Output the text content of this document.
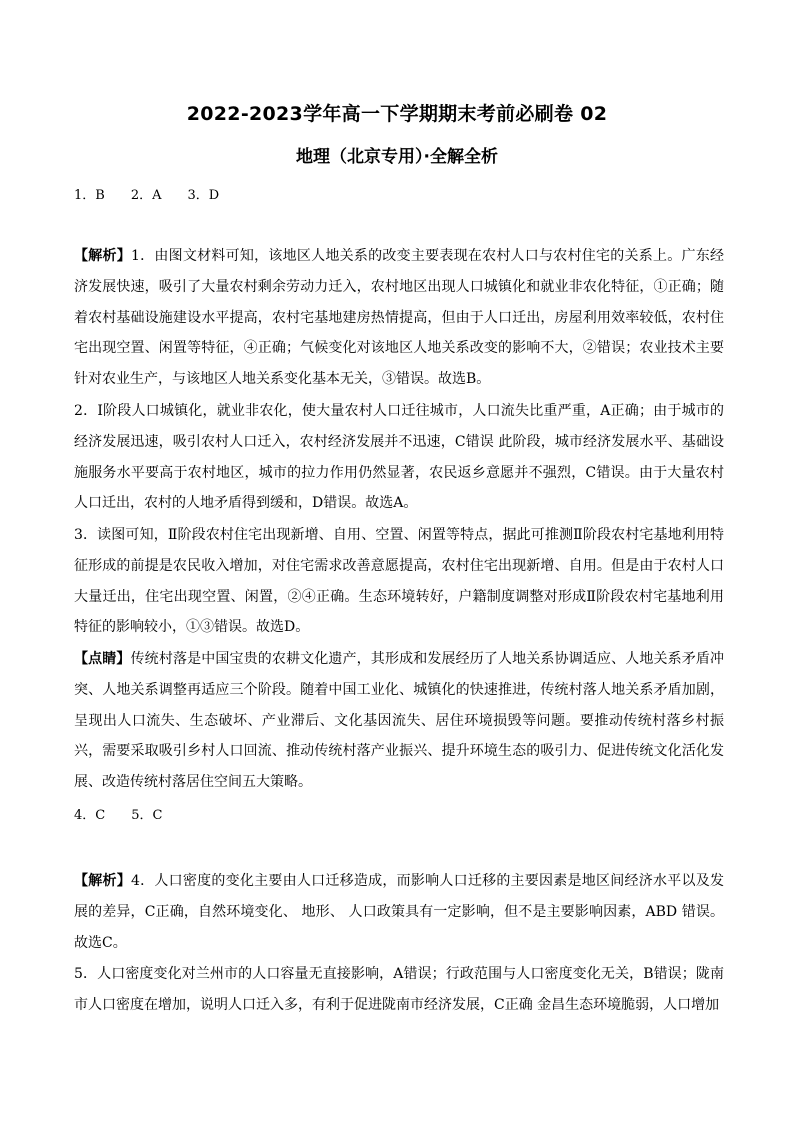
2022-2023学年高一下学期期末考前必刷卷 02
地理（北京专用）·全解全析
1．B 2．A 3．D
【解析】1．由图文材料可知，该地区人地关系的改变主要表现在农村人口与农村住宅的关系上。广东经济发展快速，吸引了大量农村剩余劳动力迁入，农村地区出现人口城镇化和就业非农化特征，①正确；随着农村基础设施建设水平提高，农村宅基地建房热情提高，但由于人口迁出，房屋利用效率较低，农村住宅出现空置、闲置等特征，④正确；气候变化对该地区人地关系改变的影响不大，②错误；农业技术主要针对农业生产，与该地区人地关系变化基本无关，③错误。故选B。
2．Ⅰ阶段人口城镇化，就业非农化，使大量农村人口迁往城市，人口流失比重严重，A正确；由于城市的经济发展迅速，吸引农村人口迁入，农村经济发展并不迅速，C错误 此阶段，城市经济发展水平、基础设施服务水平要高于农村地区，城市的拉力作用仍然显著，农民返乡意愿并不强烈，C错误。由于大量农村人口迁出，农村的人地矛盾得到缓和，D错误。故选A。
3．读图可知，Ⅱ阶段农村住宅出现新增、自用、空置、闲置等特点，据此可推测Ⅱ阶段农村宅基地利用特征形成的前提是农民收入增加，对住宅需求改善意愿提高，农村住宅出现新增、自用。但是由于农村人口大量迁出，住宅出现空置、闲置，②④正确。生态环境转好，户籍制度调整对形成Ⅱ阶段农村宅基地利用特征的影响较小，①③错误。故选D。
【点睛】传统村落是中国宝贵的农耕文化遗产，其形成和发展经历了人地关系协调适应、人地关系矛盾冲突、人地关系调整再适应三个阶段。随着中国工业化、城镇化的快速推进，传统村落人地关系矛盾加剧，呈现出人口流失、生态破坏、产业滞后、文化基因流失、居住环境损毁等问题。要推动传统村落乡村振兴，需要采取吸引乡村人口回流、推动传统村落产业振兴、提升环境生态的吸引力、促进传统文化活化发展、改造传统村落居住空间五大策略。
4．C 5．C
【解析】4．人口密度的变化主要由人口迁移造成，而影响人口迁移的主要因素是地区间经济水平以及发展的差异，C正确，自然环境变化、 地形、 人口政策具有一定影响，但不是主要影响因素，ABD 错误。故选C。
5．人口密度变化对兰州市的人口容量无直接影响，A错误；行政范围与人口密度变化无关，B错误；陇南市人口密度在增加，说明人口迁入多，有利于促进陇南市经济发展，C正确 金昌生态环境脆弱，人口增加
